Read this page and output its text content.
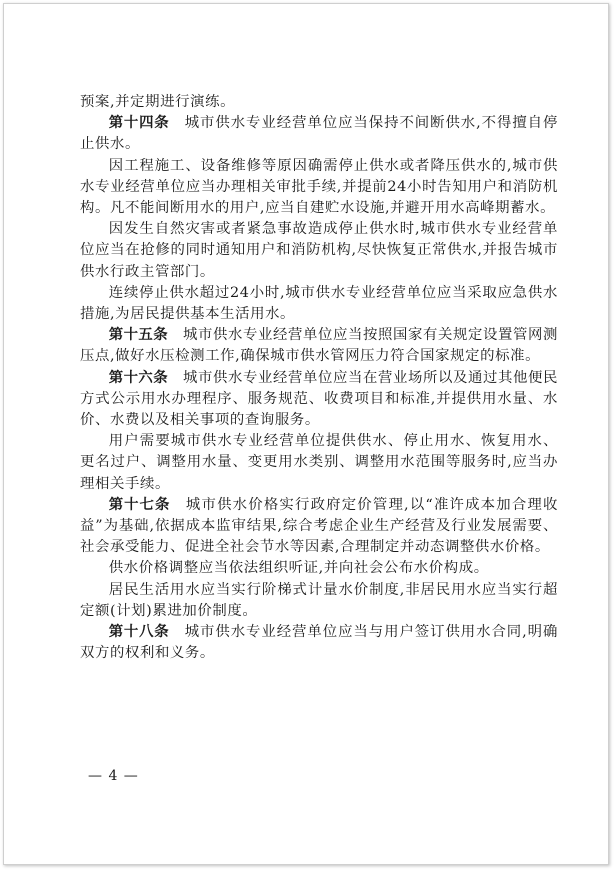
预案,并定期进行演练。

第十四条　 城市供水专业经营单位应当保持不间断供水,不得擅自停止供水。

因工程施工、设备维修等原因确需停止供水或者降压供水的,城市供水专业经营单位应当办理相关审批手续,并提前24小时告知用户和消防机构。凡不能间断用水的用户,应当自建贮水设施,并避开用水高峰期蓄水。

因发生自然灾害或者紧急事故造成停止供水时,城市供水专业经营单位应当在抢修的同时通知用户和消防机构,尽快恢复正常供水,并报告城市供水行政主管部门。

连续停止供水超过24小时,城市供水专业经营单位应当采取应急供水措施,为居民提供基本生活用水。

第十五条　 城市供水专业经营单位应当按照国家有关规定设置管网测压点,做好水压检测工作,确保城市供水管网压力符合国家规定的标准。

第十六条　 城市供水专业经营单位应当在营业场所以及通过其他便民方式公示用水办理程序、服务规范、收费项目和标准,并提供用水量、水价、水费以及相关事项的查询服务。

用户需要城市供水专业经营单位提供供水、停止用水、恢复用水、更名过户、调整用水量、变更用水类别、调整用水范围等服务时,应当办理相关手续。

第十七条　 城市供水价格实行政府定价管理,以“准许成本加合理收益”为基础,依据成本监审结果,综合考虑企业生产经营及行业发展需要、社会承受能力、促进全社会节水等因素,合理制定并动态调整供水价格。

供水价格调整应当依法组织听证,并向社会公布水价构成。

居民生活用水应当实行阶梯式计量水价制度,非居民用水应当实行超定额(计划)累进加价制度。

第十八条　 城市供水专业经营单位应当与用户签订供用水合同,明确双方的权利和义务。

— 4 —
